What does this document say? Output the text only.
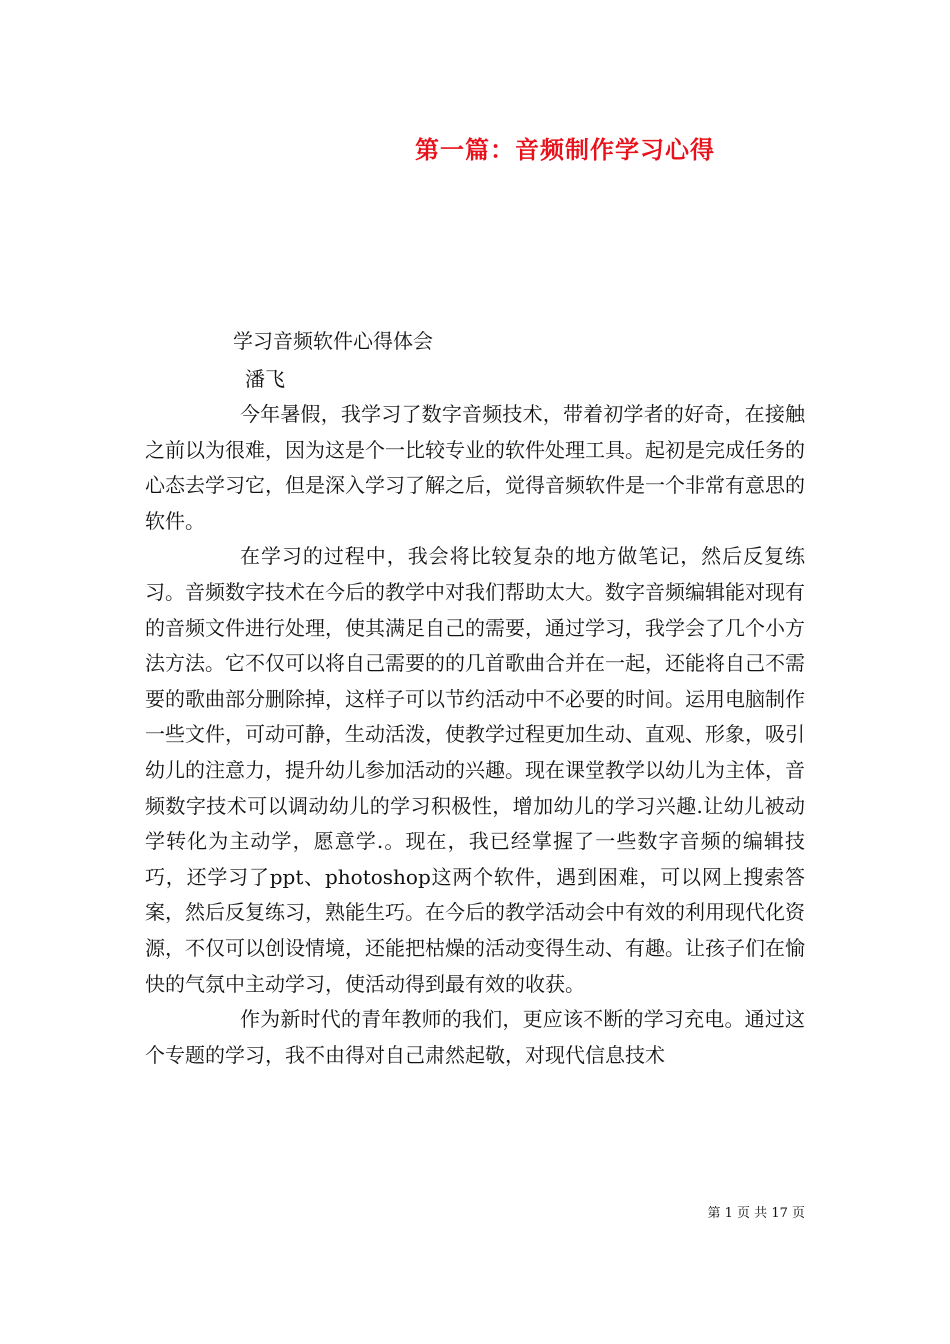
第一篇：音频制作学习心得
学习音频软件心得体会
潘飞

今年暑假，我学习了数字音频技术，带着初学者的好奇，在接触之前以为很难，因为这是个一比较专业的软件处理工具。起初是完成任务的心态去学习它，但是深入学习了解之后，觉得音频软件是一个非常有意思的软件。

在学习的过程中，我会将比较复杂的地方做笔记，然后反复练习。音频数字技术在今后的教学中对我们帮助太大。数字音频编辑能对现有的音频文件进行处理，使其满足自己的需要，通过学习，我学会了几个小方法方法。它不仅可以将自己需要的的几首歌曲合并在一起，还能将自己不需要的歌曲部分删除掉，这样子可以节约活动中不必要的时间。运用电脑制作一些文件，可动可静，生动活泼，使教学过程更加生动、直观、形象，吸引幼儿的注意力，提升幼儿参加活动的兴趣。现在课堂教学以幼儿为主体，音频数字技术可以调动幼儿的学习积极性，增加幼儿的学习兴趣.让幼儿被动学转化为主动学，愿意学.。现在，我已经掌握了一些数字音频的编辑技巧，还学习了ppt、photoshop这两个软件，遇到困难，可以网上搜索答案，然后反复练习，熟能生巧。在今后的教学活动会中有效的利用现代化资源，不仅可以创设情境，还能把枯燥的活动变得生动、有趣。让孩子们在愉快的气氛中主动学习，使活动得到最有效的收获。

作为新时代的青年教师的我们，更应该不断的学习充电。通过这个专题的学习，我不由得对自己肃然起敬，对现代信息技术

第 1 页 共 17 页
